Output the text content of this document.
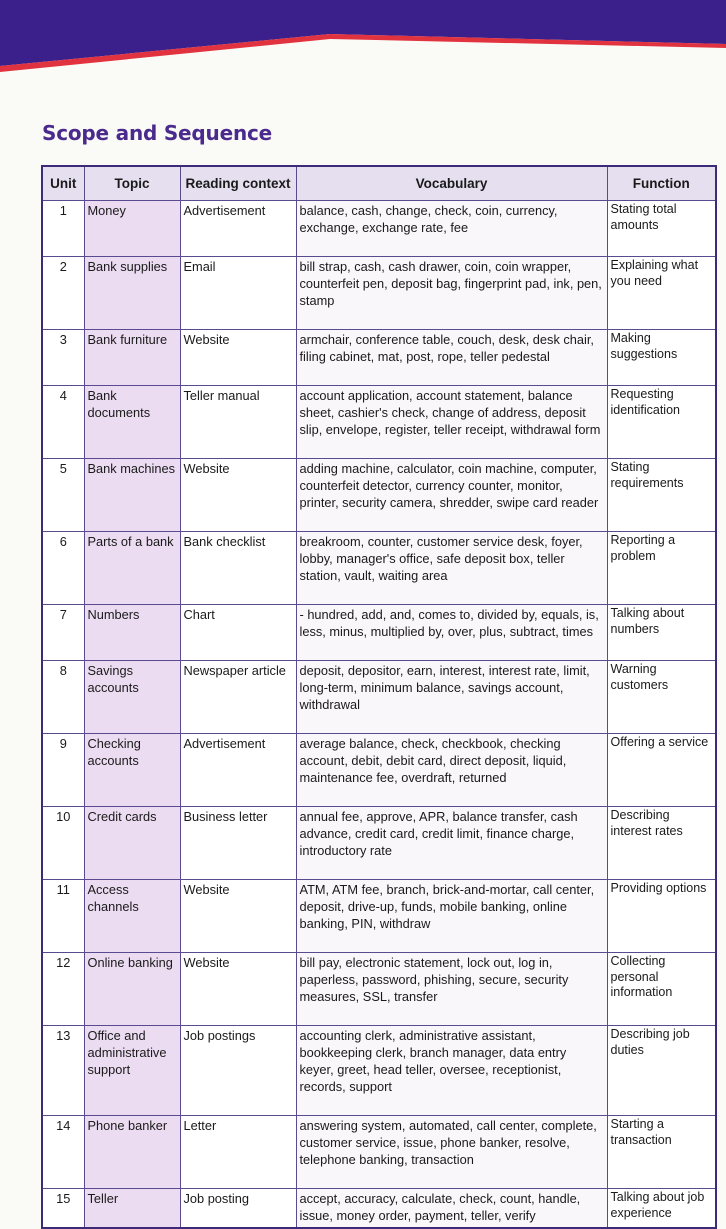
Scope and Sequence
Unit	Topic	Reading context	Vocabulary	Function
1	Money	Advertisement	balance, cash, change, check, coin, currency, exchange, exchange rate, fee	Stating total amounts
2	Bank supplies	Email	bill strap, cash, cash drawer, coin, coin wrapper, counterfeit pen, deposit bag, fingerprint pad, ink, pen, stamp	Explaining what you need
3	Bank furniture	Website	armchair, conference table, couch, desk, desk chair, filing cabinet, mat, post, rope, teller pedestal	Making suggestions
4	Bank documents	Teller manual	account application, account statement, balance sheet, cashier's check, change of address, deposit slip, envelope, register, teller receipt, withdrawal form	Requesting identification
5	Bank machines	Website	adding machine, calculator, coin machine, computer, counterfeit detector, currency counter, monitor, printer, security camera, shredder, swipe card reader	Stating requirements
6	Parts of a bank	Bank checklist	breakroom, counter, customer service desk, foyer, lobby, manager's office, safe deposit box, teller station, vault, waiting area	Reporting a problem
7	Numbers	Chart	- hundred, add, and, comes to, divided by, equals, is, less, minus, multiplied by, over, plus, subtract, times	Talking about numbers
8	Savings accounts	Newspaper article	deposit, depositor, earn, interest, interest rate, limit, long-term, minimum balance, savings account, withdrawal	Warning customers
9	Checking accounts	Advertisement	average balance, check, checkbook, checking account, debit, debit card, direct deposit, liquid, maintenance fee, overdraft, returned	Offering a service
10	Credit cards	Business letter	annual fee, approve, APR, balance transfer, cash advance, credit card, credit limit, finance charge, introductory rate	Describing interest rates
11	Access channels	Website	ATM, ATM fee, branch, brick-and-mortar, call center, deposit, drive-up, funds, mobile banking, online banking, PIN, withdraw	Providing options
12	Online banking	Website	bill pay, electronic statement, lock out, log in, paperless, password, phishing, secure, security measures, SSL, transfer	Collecting personal information
13	Office and administrative support	Job postings	accounting clerk, administrative assistant, bookkeeping clerk, branch manager, data entry keyer, greet, head teller, oversee, receptionist, records, support	Describing job duties
14	Phone banker	Letter	answering system, automated, call center, complete, customer service, issue, phone banker, resolve, telephone banking, transaction	Starting a transaction
15	Teller	Job posting	accept, accuracy, calculate, check, count, handle, issue, money order, payment, teller, verify	Talking about job experience
